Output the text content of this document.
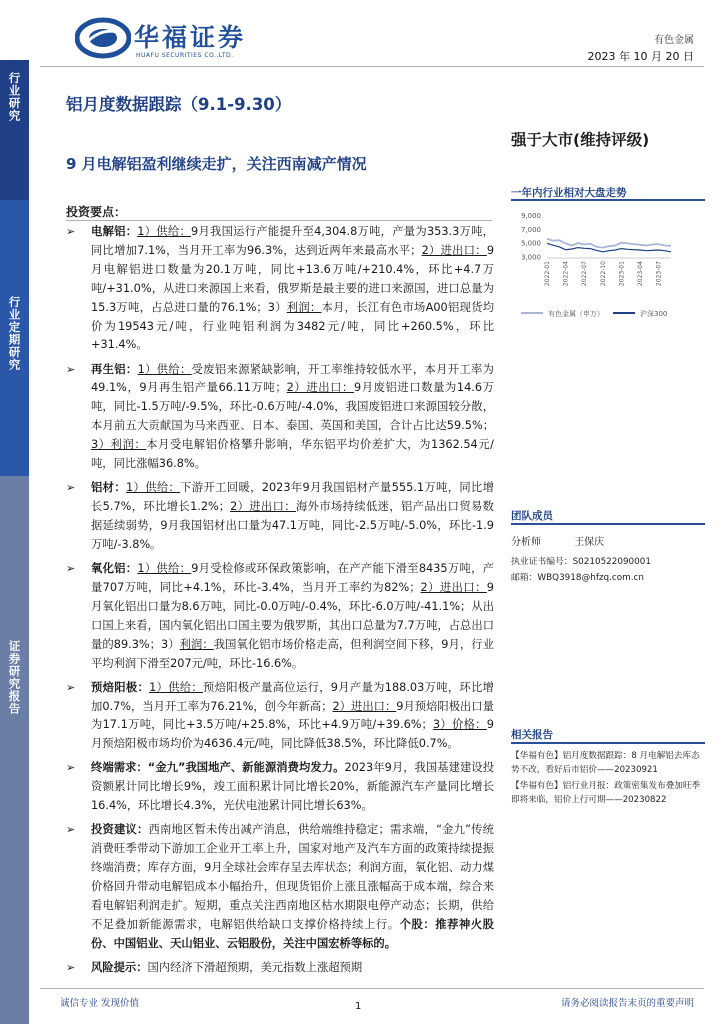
行业研究
行业定期研究
证券研究报告
华福证券
HUAFU SECURITIES CO.,LTD.
有色金属
2023 年 10 月 20 日
铝月度数据跟踪（9.1-9.30）
强于大市(维持评级)
9 月电解铝盈利继续走扩，关注西南减产情况
投资要点：
➢	电解铝：1）供给：9月我国运行产能提升至4,304.8万吨，产量为353.3万吨，同比增加7.1%，当月开工率为96.3%，达到近两年来最高水平；2）进出口：9月电解铝进口数量为20.1万吨，同比+13.6万吨/+210.4%，环比+4.7万吨/+31.0%，从进口来源国上来看，俄罗斯是最主要的进口来源国，进口总量为15.3万吨，占总进口量的76.1%；3）利润：本月，长江有色市场A00铝现货均价为19543元/吨，行业吨铝利润为3482元/吨，同比+260.5%，环比+31.4%。
➢	再生铝：1）供给：受废铝来源紧缺影响，开工率维持较低水平，本月开工率为49.1%，9月再生铝产量66.11万吨；2）进出口：9月废铝进口数量为14.6万吨，同比-1.5万吨/-9.5%，环比-0.6万吨/-4.0%，我国废铝进口来源国较分散，本月前五大贡献国为马来西亚、日本、泰国、英国和美国，合计占比达59.5%；3）利润：本月受电解铝价格攀升影响，华东铝平均价差扩大，为1362.54元/吨，同比涨幅36.8%。
➢	铝材：1）供给：下游开工回暖，2023年9月我国铝材产量555.1万吨，同比增长5.7%，环比增长1.2%；2）进出口：海外市场持续低迷，铝产品出口贸易数据延续弱势，9月我国铝材出口量为47.1万吨，同比-2.5万吨/-5.0%，环比-1.9万吨/-3.8%。
➢	氧化铝：1）供给：9月受检修或环保政策影响，在产产能下滑至8435万吨，产量707万吨，同比+4.1%，环比-3.4%，当月开工率约为82%；2）进出口：9月氧化铝出口量为8.6万吨，同比-0.0万吨/-0.4%，环比-6.0万吨/-41.1%；从出口国上来看，国内氧化铝出口国主要为俄罗斯，其出口总量为7.7万吨，占总出口量的89.3%；3）利润：我国氧化铝市场价格走高，但利润空间下移，9月，行业平均利润下滑至207元/吨，环比-16.6%。
➢	预焙阳极：1）供给：预焙阳极产量高位运行，9月产量为188.03万吨，环比增加0.7%，当月开工率为76.21%，创今年新高；2）进出口：9月预焙阳极出口量为17.1万吨，同比+3.5万吨/+25.8%，环比+4.9万吨/+39.6%；3）价格：9月预焙阳极市场均价为4636.4元/吨，同比降低38.5%，环比降低0.7%。
➢	终端需求：“金九”我国地产、新能源消费均发力。2023年9月，我国基建建设投资额累计同比增长9%，竣工面积累计同比增长20%，新能源汽车产量同比增长16.4%，环比增长4.3%，光伏电池累计同比增长63%。
➢	投资建议：西南地区暂未传出减产消息，供给端维持稳定；需求端，“金九”传统消费旺季带动下游加工企业开工率上升，国家对地产及汽车方面的政策持续提振终端消费；库存方面，9月全球社会库存呈去库状态；利润方面，氧化铝、动力煤价格回升带动电解铝成本小幅抬升，但现货铝价上涨且涨幅高于成本端，综合来看电解铝利润走扩。短期，重点关注西南地区枯水期限电停产动态；长期，供给不足叠加新能源需求，电解铝供给缺口支撑价格持续上行。个股：推荐神火股份、中国铝业、天山铝业、云铝股份，关注中国宏桥等标的。
➢	风险提示：国内经济下滑超预期，美元指数上涨超预期
一年内行业相对大盘走势
3,000
5,000
7,000
9,000
2022-01 2022-04 2022-07 2022-10 2023-01 2023-04 2023-07
有色金属（申万）	沪深300
团队成员
分析师	王保庆
执业证书编号：S0210522090001
邮箱：WBQ3918@hfzq.com.cn
相关报告
【华福有色】铝月度数据跟踪：8 月电解铝去库态势不改，看好后市铝价——20230921
【华福有色】铝行业月报：政策密集发布叠加旺季即将来临，铝价上行可期——20230822
诚信专业 发现价值	1	请务必阅读报告末页的重要声明
